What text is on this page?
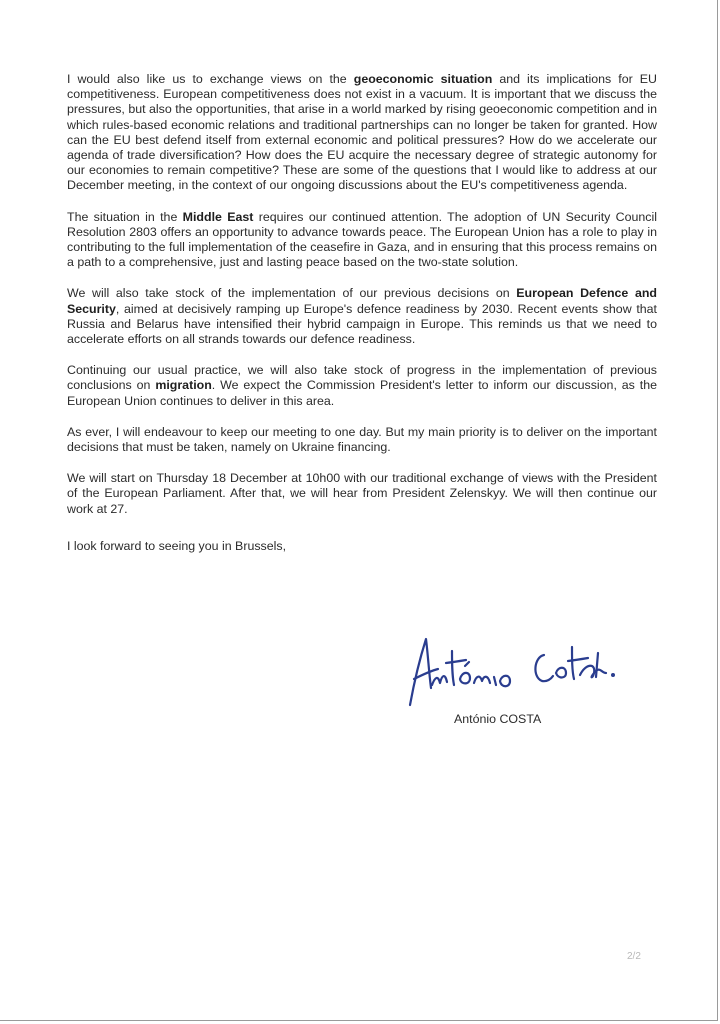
I would also like us to exchange views on the geoeconomic situation and its implications for EU competitiveness. European competitiveness does not exist in a vacuum. It is important that we discuss the pressures, but also the opportunities, that arise in a world marked by rising geoeconomic competition and in which rules-based economic relations and traditional partnerships can no longer be taken for granted. How can the EU best defend itself from external economic and political pressures? How do we accelerate our agenda of trade diversification? How does the EU acquire the necessary degree of strategic autonomy for our economies to remain competitive? These are some of the questions that I would like to address at our December meeting, in the context of our ongoing discussions about the EU's competitiveness agenda.

The situation in the Middle East requires our continued attention. The adoption of UN Security Council Resolution 2803 offers an opportunity to advance towards peace. The European Union has a role to play in contributing to the full implementation of the ceasefire in Gaza, and in ensuring that this process remains on a path to a comprehensive, just and lasting peace based on the two-state solution.

We will also take stock of the implementation of our previous decisions on European Defence and Security, aimed at decisively ramping up Europe's defence readiness by 2030. Recent events show that Russia and Belarus have intensified their hybrid campaign in Europe. This reminds us that we need to accelerate efforts on all strands towards our defence readiness.

Continuing our usual practice, we will also take stock of progress in the implementation of previous conclusions on migration. We expect the Commission President's letter to inform our discussion, as the European Union continues to deliver in this area.

As ever, I will endeavour to keep our meeting to one day. But my main priority is to deliver on the important decisions that must be taken, namely on Ukraine financing.

We will start on Thursday 18 December at 10h00 with our traditional exchange of views with the President of the European Parliament. After that, we will hear from President Zelenskyy. We will then continue our work at 27.

I look forward to seeing you in Brussels,

António COSTA
2/2
